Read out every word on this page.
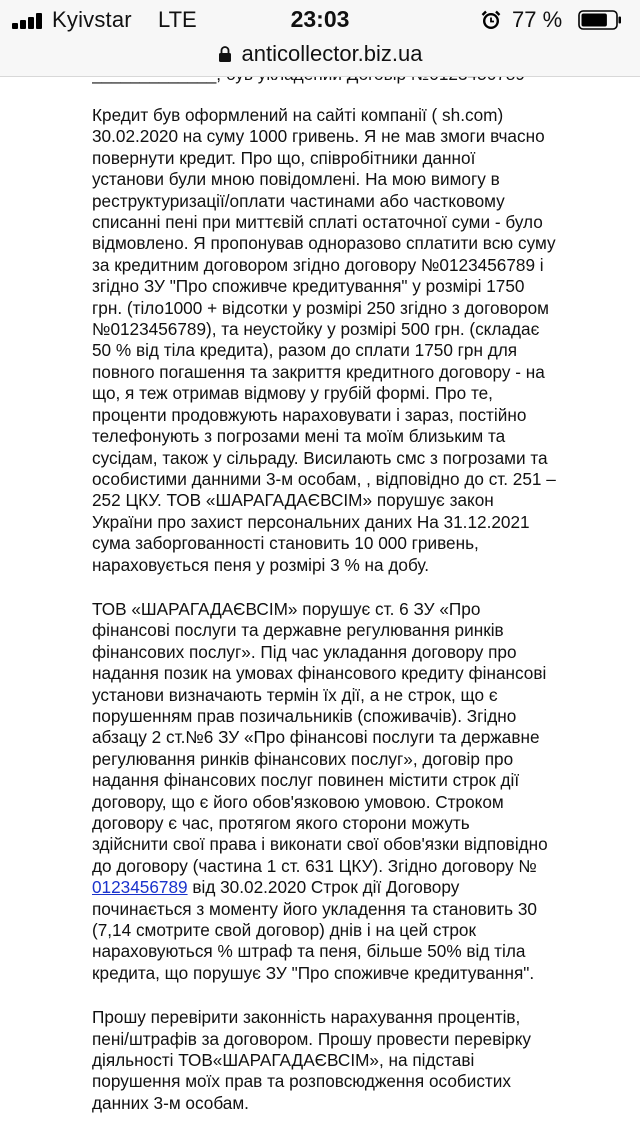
Кредит був оформлений на сайті компанії ( sh.com)
30.02.2020 на суму 1000 гривень. Я не мав змоги вчасно
повернути кредит. Про що, співробітники данної
установи були мною повідомлені. На мою вимогу в
реструктуризації/оплати частинами або частковому
списанні пені при миттєвій сплаті остаточної суми - було
відмовлено. Я пропонував одноразово сплатити всю суму
за кредитним договором згідно договору №0123456789 і
згідно ЗУ "Про споживче кредитування" у розмірі 1750
грн. (тіло1000 + відсотки у розмірі 250 згідно з договором
№0123456789), та неустойку у розмірі 500 грн. (складає
50 % від тіла кредита), разом до сплати 1750 грн для
повного погашення та закриття кредитного договору - на
що, я теж отримав відмову у грубій формі. Про те,
проценти продовжують нараховувати і зараз, постійно
телефонують з погрозами мені та моїм близьким та
сусідам, також у сільраду. Висилають смс з погрозами та
особистими данними 3-м особам, , відповідно до ст. 251 –
252 ЦКУ. ТОВ «ШАРАГАДАЄВСІМ» порушує закон
України про захист персональних даних На 31.12.2021
сума заборгованності становить 10 000 гривень,
нараховується пеня у розмірі 3 % на добу.

ТОВ «ШАРАГАДАЄВСІМ» порушує ст. 6 ЗУ «Про
фінансові послуги та державне регулювання ринків
фінансових послуг». Під час укладання договору про
надання позик на умовах фінансового кредиту фінансові
установи визначають термін їх дії, а не строк, що є
порушенням прав позичальників (споживачів). Згідно
абзацу 2 ст.№6 ЗУ «Про фінансові послуги та державне
регулювання ринків фінансових послуг», договір про
надання фінансових послуг повинен містити строк дії
договору, що є його обов'язковою умовою. Строком
договору є час, протягом якого сторони можуть
здійснити свої права і виконати свої обов'язки відповідно
до договору (частина 1 ст. 631 ЦКУ). Згідно договору №
0123456789 від 30.02.2020 Строк дії Договору
починається з моменту його укладення та становить 30
(7,14 смотрите свой договор) днів і на цей строк
нараховуються % штраф та пеня, більше 50% від тіла
кредита, що порушує ЗУ "Про споживче кредитування".

Прошу перевірити законність нарахування процентів,
пені/штрафів за договором. Прошу провести перевірку
діяльності ТОВ«ШАРАГАДАЄВСІМ», на підставі
порушення моїх прав та розповсюдження особистих
данних 3-м особам.

Kyivstar LTE	23:03	77 %
anticollector.biz.ua
